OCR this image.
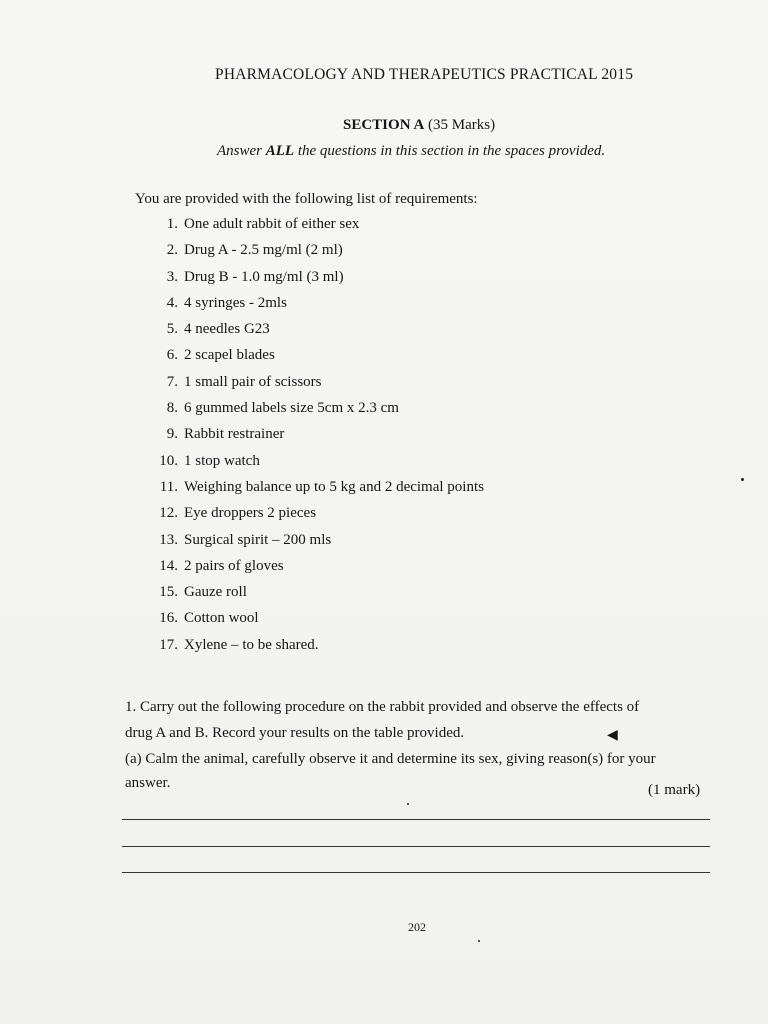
PHARMACOLOGY AND THERAPEUTICS PRACTICAL 2015
SECTION A (35 Marks)
Answer ALL the questions in this section in the spaces provided.
You are provided with the following list of requirements:
1. One adult rabbit of either sex
2. Drug A - 2.5 mg/ml (2 ml)
3. Drug B - 1.0 mg/ml (3 ml)
4. 4 syringes - 2mls
5. 4 needles G23
6. 2 scapel blades
7. 1 small pair of scissors
8. 6 gummed labels size 5cm x 2.3 cm
9. Rabbit restrainer
10. 1 stop watch
11. Weighing balance up to 5 kg and 2 decimal points
12. Eye droppers 2 pieces
13. Surgical spirit – 200 mls
14. 2 pairs of gloves
15. Gauze roll
16. Cotton wool
17. Xylene – to be shared.
1. Carry out the following procedure on the rabbit provided and observe the effects of
drug A and B. Record your results on the table provided.	◀
(a) Calm the animal, carefully observe it and determine its sex, giving reason(s) for your
answer.	(1 mark)
202
